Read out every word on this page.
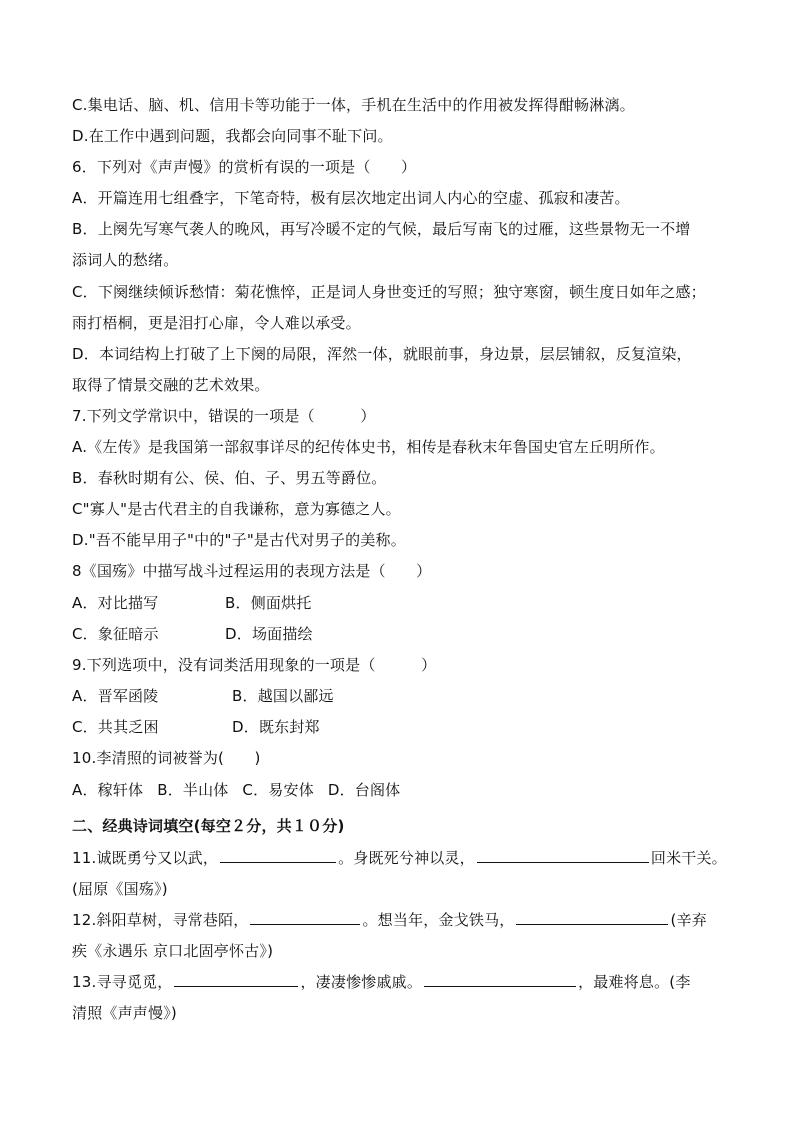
C.集电话、脑、机、信用卡等功能于一体，手机在生活中的作用被发挥得酣畅淋漓。
D.在工作中遇到问题，我都会向同事不耻下问。
6．下列对《声声慢》的赏析有误的一项是（　　）
A．开篇连用七组叠字，下笔奇特，极有层次地定出词人内心的空虚、孤寂和凄苦。
B．上阕先写寒气袭人的晚风，再写冷暖不定的气候，最后写南飞的过雁，这些景物无一不增
添词人的愁绪。
C．下阕继续倾诉愁情：菊花憔悴，正是词人身世变迁的写照；独守寒窗，顿生度日如年之感；
雨打梧桐，更是泪打心扉，令人难以承受。
D．本词结构上打破了上下阕的局限，浑然一体，就眼前事，身边景，层层铺叙，反复渲染，
取得了情景交融的艺术效果。
7.下列文学常识中，错误的一项是（　　　）
A.《左传》是我国第一部叙事详尽的纪传体史书，相传是春秋末年鲁国史官左丘明所作。
B．春秋时期有公、侯、伯、子、男五等爵位。
C"寡人"是古代君主的自我谦称，意为寡德之人。
D."吾不能早用子"中的"子"是古代对男子的美称。
8《国殇》中描写战斗过程运用的表现方法是（　　）
A．对比描写	B．侧面烘托
C．象征暗示	D．场面描绘
9.下列选项中，没有词类活用现象的一项是（　　　）
A．晋军函陵	B．越国以鄙远
C．共其乏困	D．既东封郑
10.李清照的词被誉为(　　)
A．稼轩体  B．半山体  C．易安体  D．台阁体
二、经典诗词填空(每空２分，共１０分)
11.诚既勇兮又以武，	。身既死兮神以灵，	回米干关。
(屈原《国殇》)
12.斜阳草树，寻常巷陌，	。想当年，金戈铁马，	(辛弃
疾《永遇乐 京口北固亭怀古》)
13.寻寻觅觅，	，凄凄惨惨戚戚。	，最难将息。(李
清照《声声慢》)
